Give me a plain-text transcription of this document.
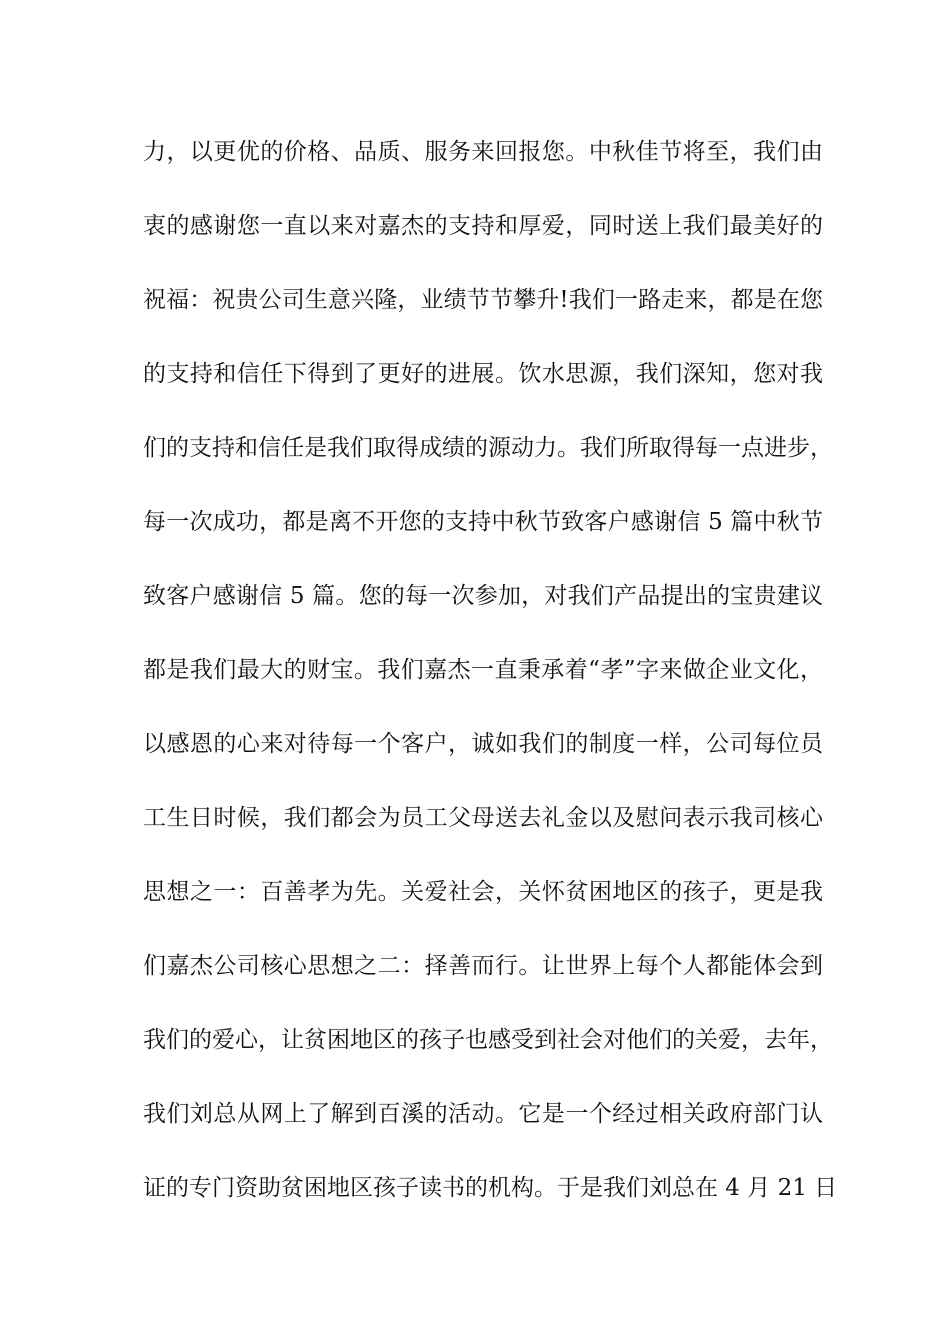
力，以更优的价格、品质、服务来回报您。中秋佳节将至，我们由
衷的感谢您一直以来对嘉杰的支持和厚爱，同时送上我们最美好的
祝福：祝贵公司生意兴隆，业绩节节攀升!我们一路走来，都是在您
的支持和信任下得到了更好的进展。饮水思源，我们深知，您对我
们的支持和信任是我们取得成绩的源动力。我们所取得每一点进步，
每一次成功，都是离不开您的支持中秋节致客户感谢信 5 篇中秋节
致客户感谢信 5 篇。您的每一次参加，对我们产品提出的宝贵建议
都是我们最大的财宝。我们嘉杰一直秉承着“孝”字来做企业文化，
以感恩的心来对待每一个客户，诚如我们的制度一样，公司每位员
工生日时候，我们都会为员工父母送去礼金以及慰问表示我司核心
思想之一：百善孝为先。关爱社会，关怀贫困地区的孩子，更是我
们嘉杰公司核心思想之二：择善而行。让世界上每个人都能体会到
我们的爱心，让贫困地区的孩子也感受到社会对他们的关爱，去年，
我们刘总从网上了解到百溪的活动。它是一个经过相关政府部门认
证的专门资助贫困地区孩子读书的机构。于是我们刘总在 4 月 21 日
